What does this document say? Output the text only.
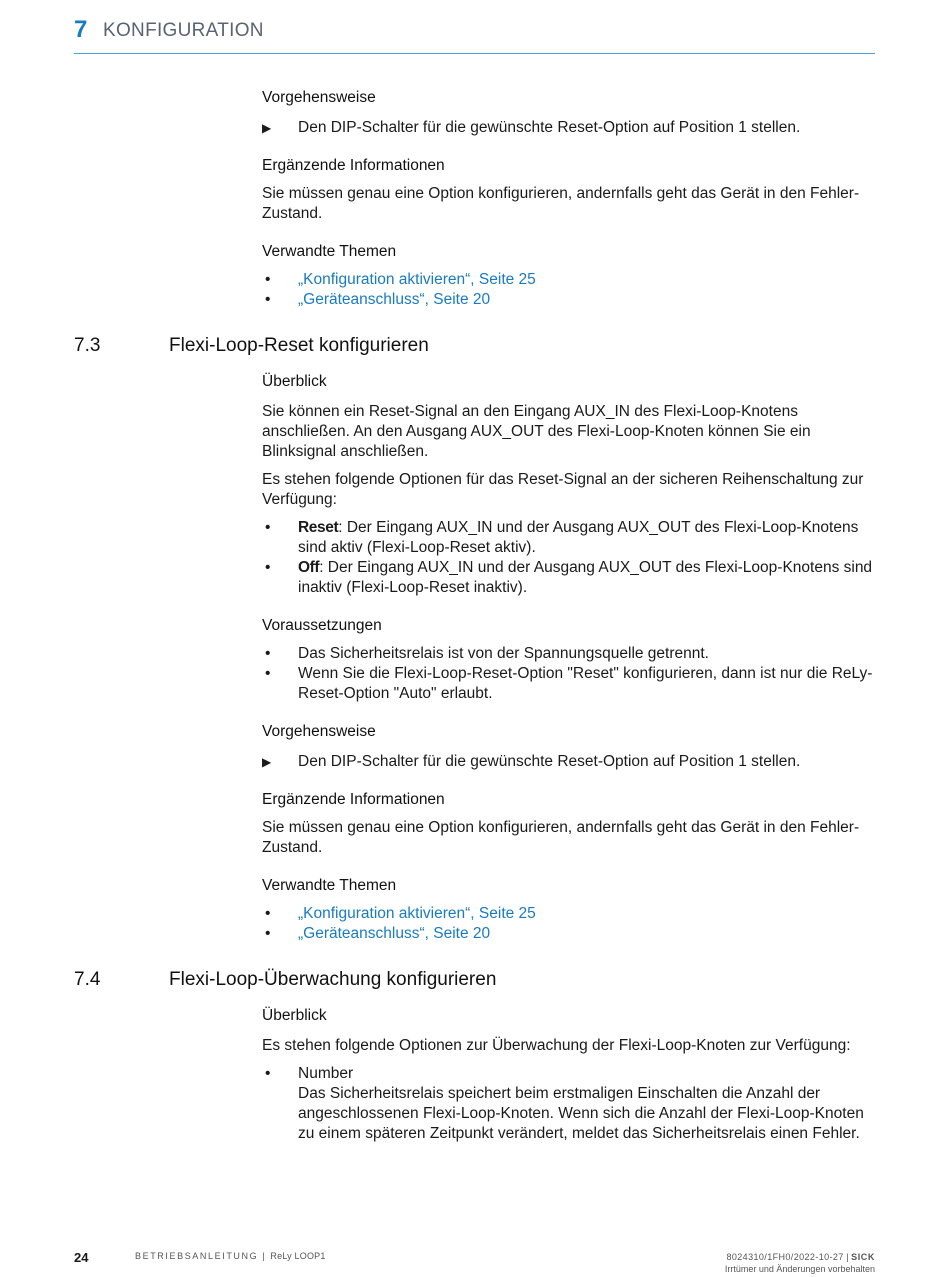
7 KONFIGURATION
Vorgehensweise
▶ Den DIP-Schalter für die gewünschte Reset-Option auf Position 1 stellen.
Ergänzende Informationen
Sie müssen genau eine Option konfigurieren, andernfalls geht das Gerät in den Fehler-Zustand.
Verwandte Themen
• „Konfiguration aktivieren“, Seite 25
• „Geräteanschluss“, Seite 20
7.3	Flexi-Loop-Reset konfigurieren
Überblick
Sie können ein Reset-Signal an den Eingang AUX_IN des Flexi-Loop-Knotens anschließen. An den Ausgang AUX_OUT des Flexi-Loop-Knoten können Sie ein Blinksignal anschließen.
Es stehen folgende Optionen für das Reset-Signal an der sicheren Reihenschaltung zur Verfügung:
• Reset: Der Eingang AUX_IN und der Ausgang AUX_OUT des Flexi-Loop-Knotens sind aktiv (Flexi-Loop-Reset aktiv).
• Off: Der Eingang AUX_IN und der Ausgang AUX_OUT des Flexi-Loop-Knotens sind inaktiv (Flexi-Loop-Reset inaktiv).
Voraussetzungen
• Das Sicherheitsrelais ist von der Spannungsquelle getrennt.
• Wenn Sie die Flexi-Loop-Reset-Option "Reset" konfigurieren, dann ist nur die ReLy-Reset-Option "Auto" erlaubt.
Vorgehensweise
▶ Den DIP-Schalter für die gewünschte Reset-Option auf Position 1 stellen.
Ergänzende Informationen
Sie müssen genau eine Option konfigurieren, andernfalls geht das Gerät in den Fehler-Zustand.
Verwandte Themen
• „Konfiguration aktivieren“, Seite 25
• „Geräteanschluss“, Seite 20
7.4	Flexi-Loop-Überwachung konfigurieren
Überblick
Es stehen folgende Optionen zur Überwachung der Flexi-Loop-Knoten zur Verfügung:
• Number
Das Sicherheitsrelais speichert beim erstmaligen Einschalten die Anzahl der angeschlossenen Flexi-Loop-Knoten. Wenn sich die Anzahl der Flexi-Loop-Knoten zu einem späteren Zeitpunkt verändert, meldet das Sicherheitsrelais einen Fehler.
24	BETRIEBSANLEITUNG | ReLy LOOP1	8024310/1FH0/2022-10-27 | SICK
Irrtümer und Änderungen vorbehalten
